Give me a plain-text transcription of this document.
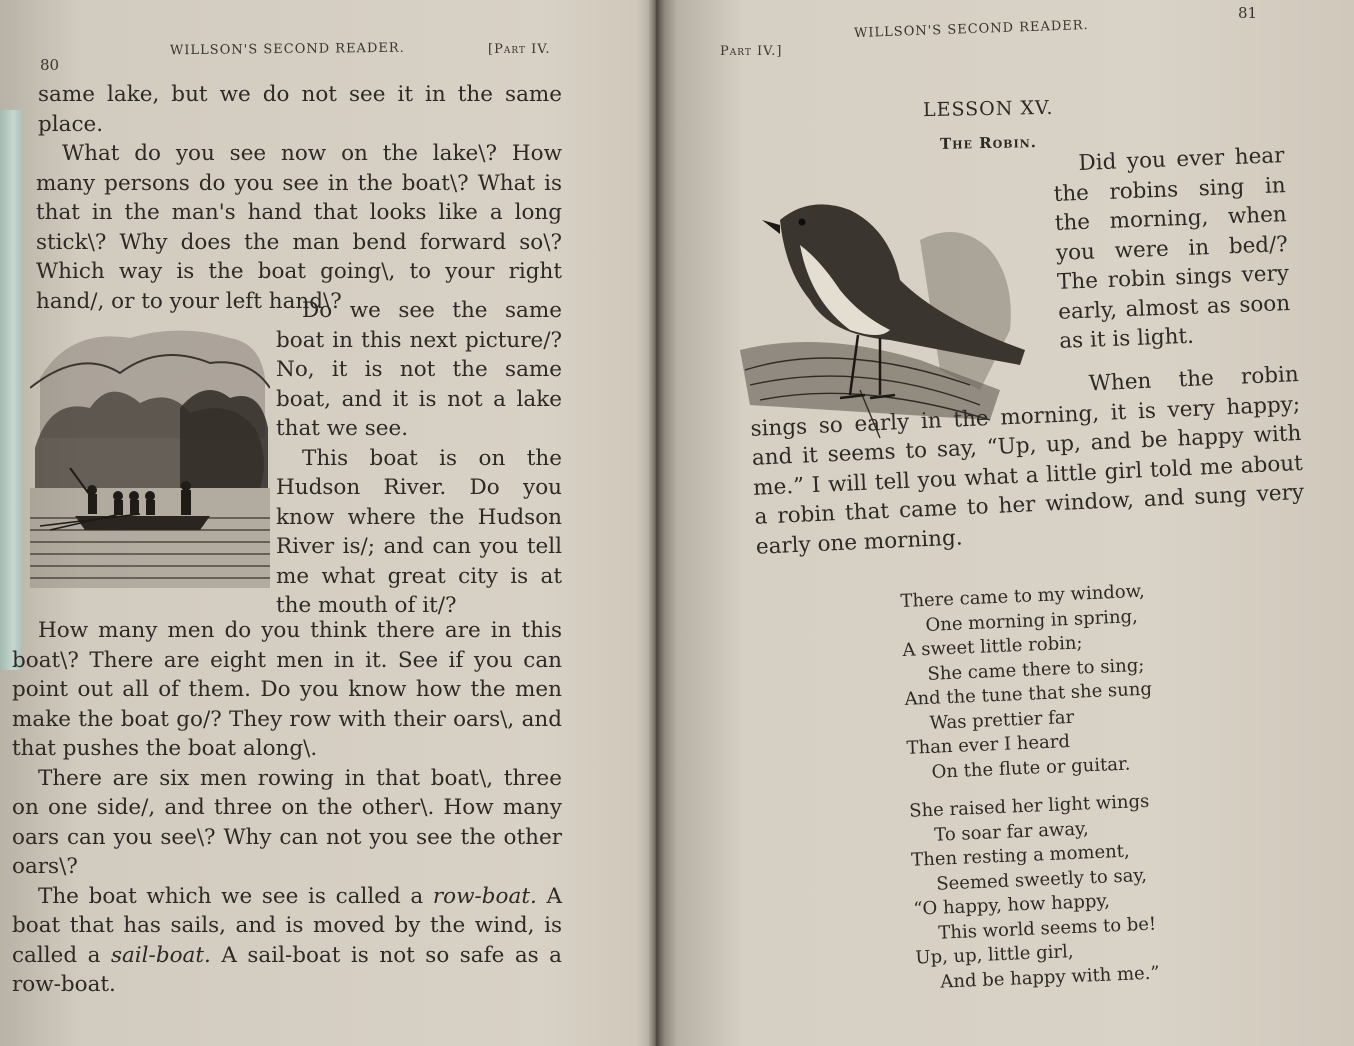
80
WILLSON'S SECOND READER.	[Part IV.

same lake, but we do not see it in the same place.

What do you see now on the lake\? How many persons do you see in the boat\? What is that in the man's hand that looks like a long stick\? Why does the man bend forward so\? Which way is the boat going\, to your right hand/, or to your left hand\?

Do we see the same boat in this next picture/? No, it is not the same boat, and it is not a lake that we see.

This boat is on the Hudson River. Do you know where the Hudson River is/; and can you tell me what great city is at the mouth of it/?

How many men do you think there are in this boat\? There are eight men in it. See if you can point out all of them. Do you know how the men make the boat go/? They row with their oars\, and that pushes the boat along\.

There are six men rowing in that boat\, three on one side/, and three on the other\. How many oars can you see\? Why can not you see the other oars\?

The boat which we see is called a row-boat. A boat that has sails, and is moved by the wind, is called a sail-boat. A sail-boat is not so safe as a row-boat.

Part IV.]
WILLSON'S SECOND READER.
81
LESSON XV.
The Robin.

Did you ever hear the robins sing in the morning, when you were in bed/? The robin sings very early, almost as soon as it is light.

When the robin sings so early in the morning, it is very happy; and it seems to say, “Up, up, and be happy with me.” I will tell you what a little girl told me about a robin that came to her window, and sung very early one morning.

There came to my window,
One morning in spring,
A sweet little robin;
She came there to sing;
And the tune that she sung
Was prettier far
Than ever I heard
On the flute or guitar.
She raised her light wings
To soar far away,
Then resting a moment,
Seemed sweetly to say,
“O happy, how happy,
This world seems to be!
Up, up, little girl,
And be happy with me.”
